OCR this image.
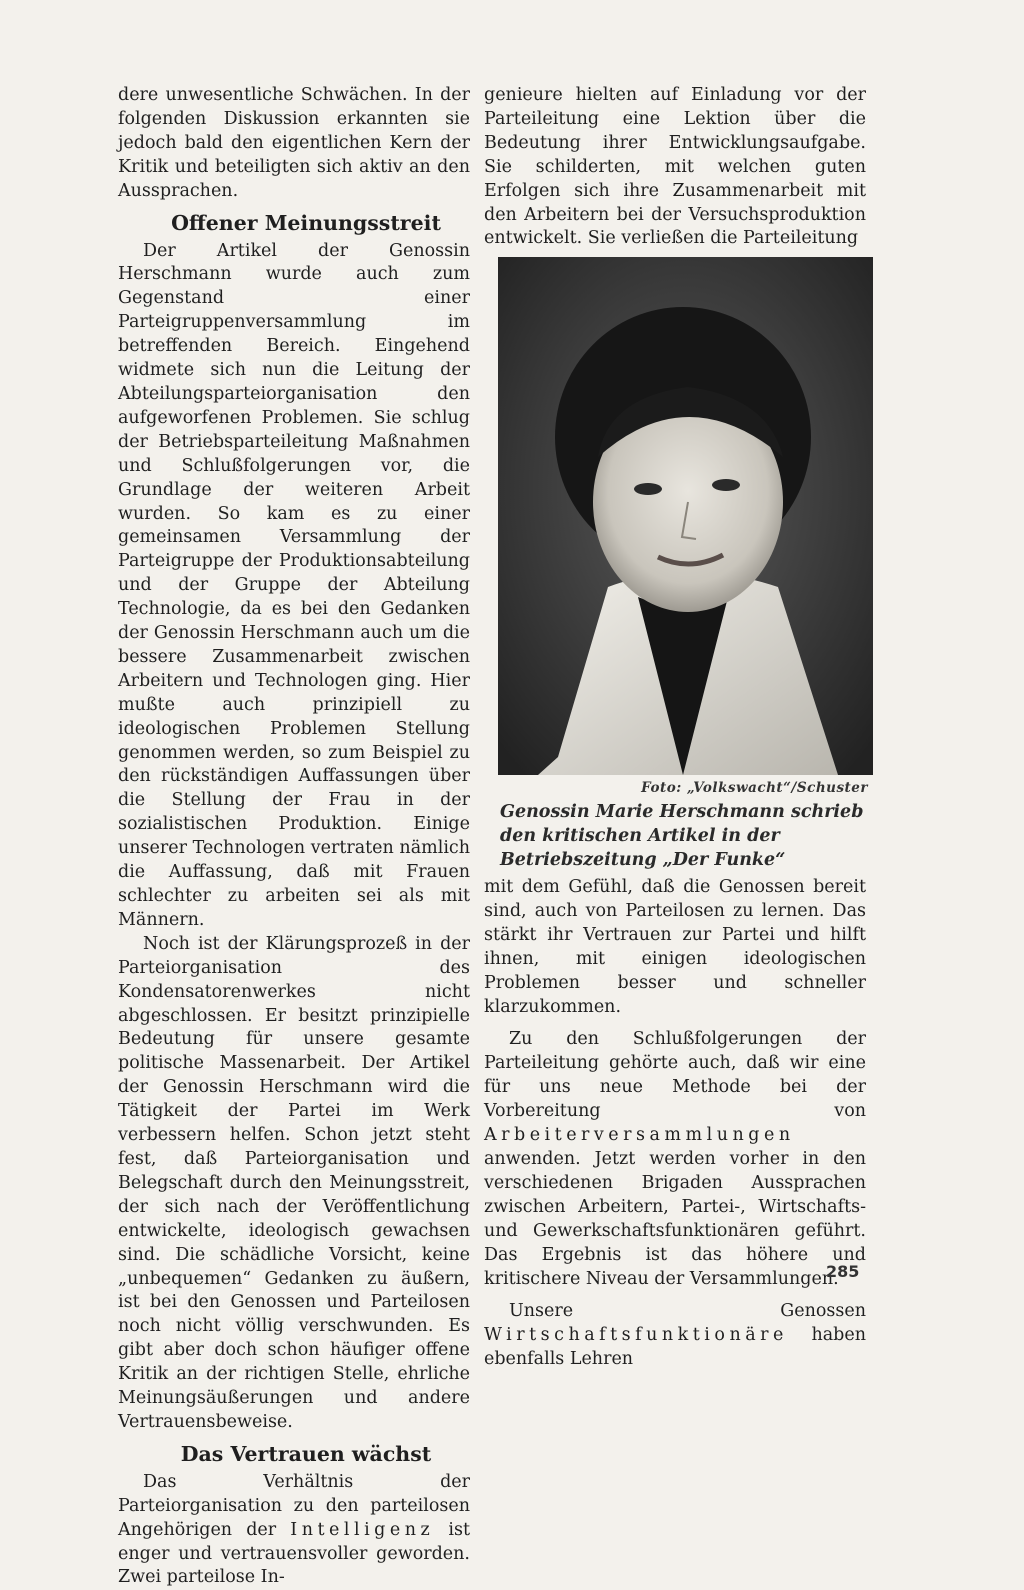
dere unwesentliche Schwächen. In der folgenden Diskussion erkannten sie jedoch bald den eigentlichen Kern der Kritik und beteiligten sich aktiv an den Aussprachen.

Offener Meinungsstreit

Der Artikel der Genossin Herschmann wurde auch zum Gegenstand einer Parteigruppenversammlung im betreffenden Bereich. Eingehend widmete sich nun die Leitung der Abteilungsparteiorganisation den aufgeworfenen Problemen. Sie schlug der Betriebsparteileitung Maßnahmen und Schlußfolgerungen vor, die Grundlage der weiteren Arbeit wurden. So kam es zu einer gemeinsamen Versammlung der Parteigruppe der Produktionsabteilung und der Gruppe der Abteilung Technologie, da es bei den Gedanken der Genossin Herschmann auch um die bessere Zusammenarbeit zwischen Arbeitern und Technologen ging. Hier mußte auch prinzipiell zu ideologischen Problemen Stellung genommen werden, so zum Beispiel zu den rückständigen Auffassungen über die Stellung der Frau in der sozialistischen Produktion. Einige unserer Technologen vertraten nämlich die Auffassung, daß mit Frauen schlechter zu arbeiten sei als mit Männern.

Noch ist der Klärungsprozeß in der Parteiorganisation des Kondensatorenwerkes nicht abgeschlossen. Er besitzt prinzipielle Bedeutung für unsere gesamte politische Massenarbeit. Der Artikel der Genossin Herschmann wird die Tätigkeit der Partei im Werk verbessern helfen. Schon jetzt steht fest, daß Parteiorganisation und Belegschaft durch den Meinungsstreit, der sich nach der Veröffentlichung entwickelte, ideologisch gewachsen sind. Die schädliche Vorsicht, keine „unbequemen“ Gedanken zu äußern, ist bei den Genossen und Parteilosen noch nicht völlig verschwunden. Es gibt aber doch schon häufiger offene Kritik an der richtigen Stelle, ehrliche Meinungsäußerungen und andere Vertrauensbeweise.

Das Vertrauen wächst

Das Verhältnis der Parteiorganisation zu den parteilosen Angehörigen der Intelligenz ist enger und vertrauensvoller geworden. Zwei parteilose In-

genieure hielten auf Einladung vor der Parteileitung eine Lektion über die Bedeutung ihrer Entwicklungsaufgabe. Sie schilderten, mit welchen guten Erfolgen sich ihre Zusammenarbeit mit den Arbeitern bei der Versuchsproduktion entwickelt. Sie verließen die Parteileitung

Foto: „Volkswacht“/Schuster
Genossin Marie Herschmann schrieb den kritischen Artikel in der Betriebszeitung „Der Funke“

mit dem Gefühl, daß die Genossen bereit sind, auch von Parteilosen zu lernen. Das stärkt ihr Vertrauen zur Partei und hilft ihnen, mit einigen ideologischen Problemen besser und schneller klarzukommen.

Zu den Schlußfolgerungen der Parteileitung gehörte auch, daß wir eine für uns neue Methode bei der Vorbereitung von Arbeiterversammlungen anwenden. Jetzt werden vorher in den verschiedenen Brigaden Aussprachen zwischen Arbeitern, Partei-, Wirtschafts- und Gewerkschaftsfunktionären geführt. Das Ergebnis ist das höhere und kritischere Niveau der Versammlungen.

Unsere Genossen Wirtschaftsfunktionäre haben ebenfalls Lehren

285
